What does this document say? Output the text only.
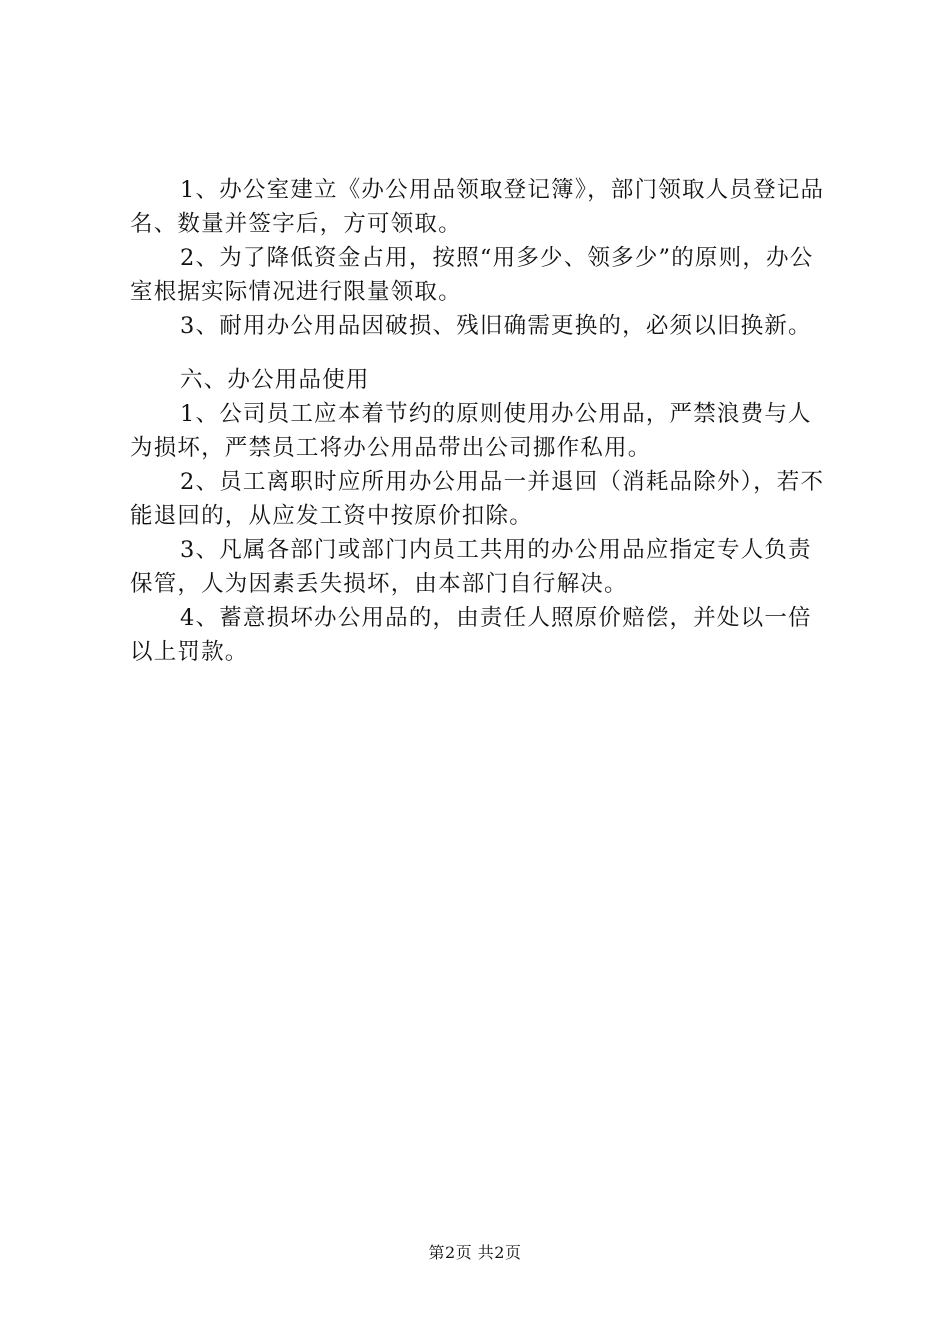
1、办公室建立《办公用品领取登记簿》，部门领取人员登记品名、数量并签字后，方可领取。

2、为了降低资金占用，按照“用多少、领多少”的原则，办公室根据实际情况进行限量领取。

3、耐用办公用品因破损、残旧确需更换的，必须以旧换新。

六、办公用品使用

1、公司员工应本着节约的原则使用办公用品，严禁浪费与人为损坏，严禁员工将办公用品带出公司挪作私用。

2、员工离职时应所用办公用品一并退回（消耗品除外），若不能退回的，从应发工资中按原价扣除。

3、凡属各部门或部门内员工共用的办公用品应指定专人负责保管，人为因素丢失损坏，由本部门自行解决。

4、蓄意损坏办公用品的，由责任人照原价赔偿，并处以一倍以上罚款。

第2页 共2页
